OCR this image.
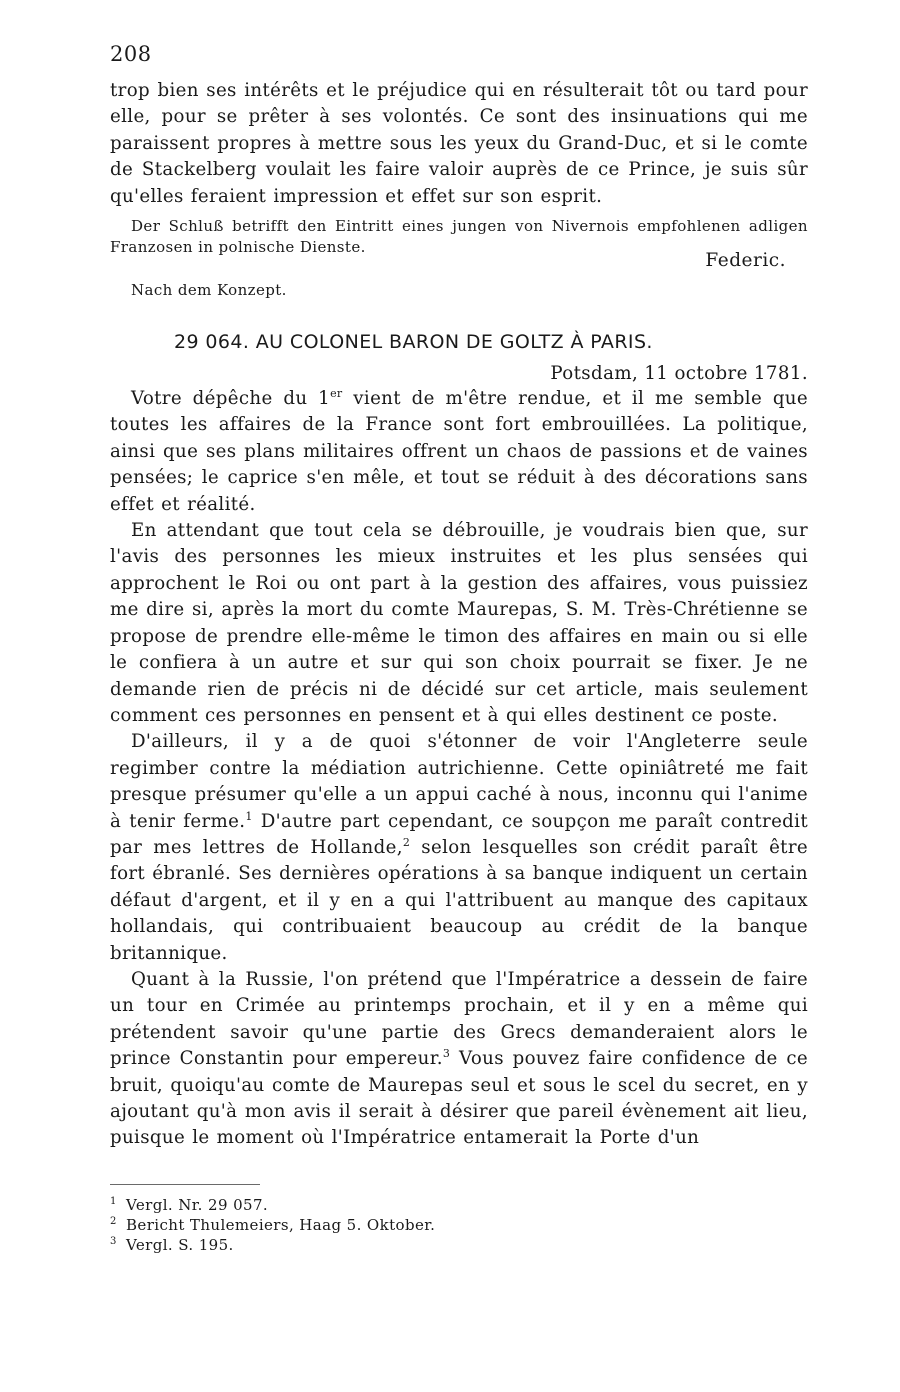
208

trop bien ses intérêts et le préjudice qui en résulterait tôt ou tard pour elle, pour se prêter à ses volontés. Ce sont des insinuations qui me paraissent propres à mettre sous les yeux du Grand-Duc, et si le comte de Stackelberg voulait les faire valoir auprès de ce Prince, je suis sûr qu'elles feraient impression et effet sur son esprit.

Der Schluß betrifft den Eintritt eines jungen von Nivernois empfohlenen adligen Franzosen in polnische Dienste.

Federic.

Nach dem Konzept.

29 064. AU COLONEL BARON DE GOLTZ À PARIS.
Potsdam, 11 octobre 1781.

Votre dépêche du 1er vient de m'être rendue, et il me semble que toutes les affaires de la France sont fort embrouillées. La politique, ainsi que ses plans militaires offrent un chaos de passions et de vaines pensées; le caprice s'en mêle, et tout se réduit à des décorations sans effet et réalité.

En attendant que tout cela se débrouille, je voudrais bien que, sur l'avis des personnes les mieux instruites et les plus sensées qui approchent le Roi ou ont part à la gestion des affaires, vous puissiez me dire si, après la mort du comte Maurepas, S. M. Très-Chrétienne se propose de prendre elle-même le timon des affaires en main ou si elle le confiera à un autre et sur qui son choix pourrait se fixer. Je ne demande rien de précis ni de décidé sur cet article, mais seulement comment ces personnes en pensent et à qui elles destinent ce poste.

D'ailleurs, il y a de quoi s'étonner de voir l'Angleterre seule regimber contre la médiation autrichienne. Cette opiniâtreté me fait presque présumer qu'elle a un appui caché à nous, inconnu qui l'anime à tenir ferme.$^1$ D'autre part cependant, ce soupçon me paraît contredit par mes lettres de Hollande,$^2$ selon lesquelles son crédit paraît être fort ébranlé. Ses dernières opérations à sa banque indiquent un certain défaut d'argent, et il y en a qui l'attribuent au manque des capitaux hollandais, qui contribuaient beaucoup au crédit de la banque britannique.

Quant à la Russie, l'on prétend que l'Impératrice a dessein de faire un tour en Crimée au printemps prochain, et il y en a même qui prétendent savoir qu'une partie des Grecs demanderaient alors le prince Constantin pour empereur.$^3$ Vous pouvez faire confidence de ce bruit, quoiqu'au comte de Maurepas seul et sous le scel du secret, en y ajoutant qu'à mon avis il serait à désirer que pareil évènement ait lieu, puisque le moment où l'Impératrice entamerait la Porte d'un

1 Vergl. Nr. 29 057.

2 Bericht Thulemeiers, Haag 5. Oktober.

3 Vergl. S. 195.
